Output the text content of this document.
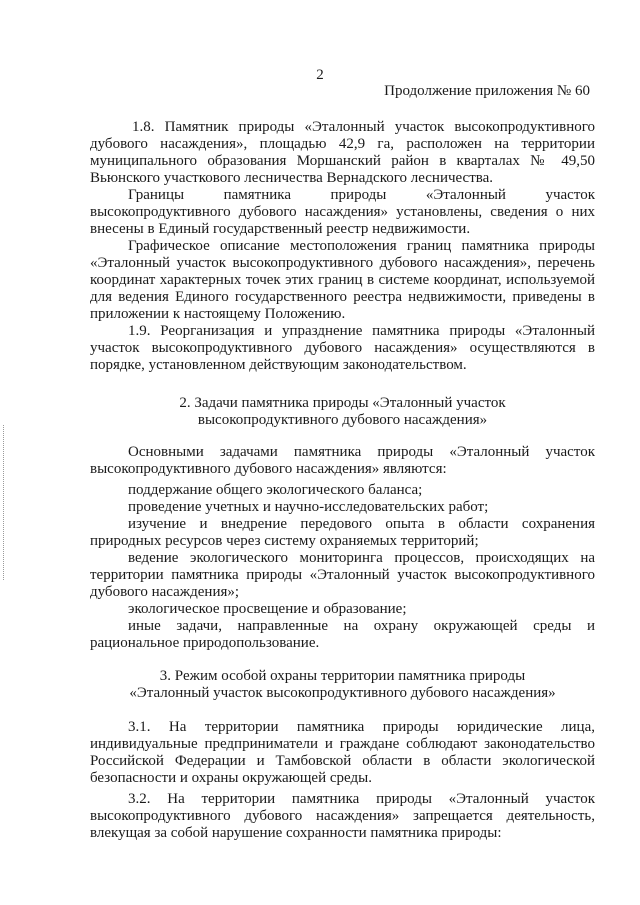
2
Продолжение приложения № 60

1.8. Памятник природы «Эталонный участок высокопродуктивного дубового насаждения», площадью 42,9 га, расположен на территории муниципального образования Моршанский район в кварталах № 49,50 Вьюнского участкового лесничества Вернадского лесничества.

Границы памятника природы «Эталонный участок высокопродуктивного дубового насаждения» установлены, сведения о них внесены в Единый государственный реестр недвижимости.

Графическое описание местоположения границ памятника природы «Эталонный участок высокопродуктивного дубового насаждения», перечень координат характерных точек этих границ в системе координат, используемой для ведения Единого государственного реестра недвижимости, приведены в приложении к настоящему Положению.

1.9. Реорганизация и упразднение памятника природы «Эталонный участок высокопродуктивного дубового насаждения» осуществляются в порядке, установленном действующим законодательством.

2. Задачи памятника природы «Эталонный участок
высокопродуктивного дубового насаждения»

Основными задачами памятника природы «Эталонный участок высокопродуктивного дубового насаждения» являются:

поддержание общего экологического баланса;

проведение учетных и научно-исследовательских работ;

изучение и внедрение передового опыта в области сохранения природных ресурсов через систему охраняемых территорий;

ведение экологического мониторинга процессов, происходящих на территории памятника природы «Эталонный участок высокопродуктивного дубового насаждения»;

экологическое просвещение и образование;

иные задачи, направленные на охрану окружающей среды и рациональное природопользование.

3. Режим особой охраны территории памятника природы
«Эталонный участок высокопродуктивного дубового насаждения»

3.1. На территории памятника природы юридические лица, индивидуальные предприниматели и граждане соблюдают законодательство Российской Федерации и Тамбовской области в области экологической безопасности и охраны окружающей среды.

3.2. На территории памятника природы «Эталонный участок высокопродуктивного дубового насаждения» запрещается деятельность, влекущая за собой нарушение сохранности памятника природы:
